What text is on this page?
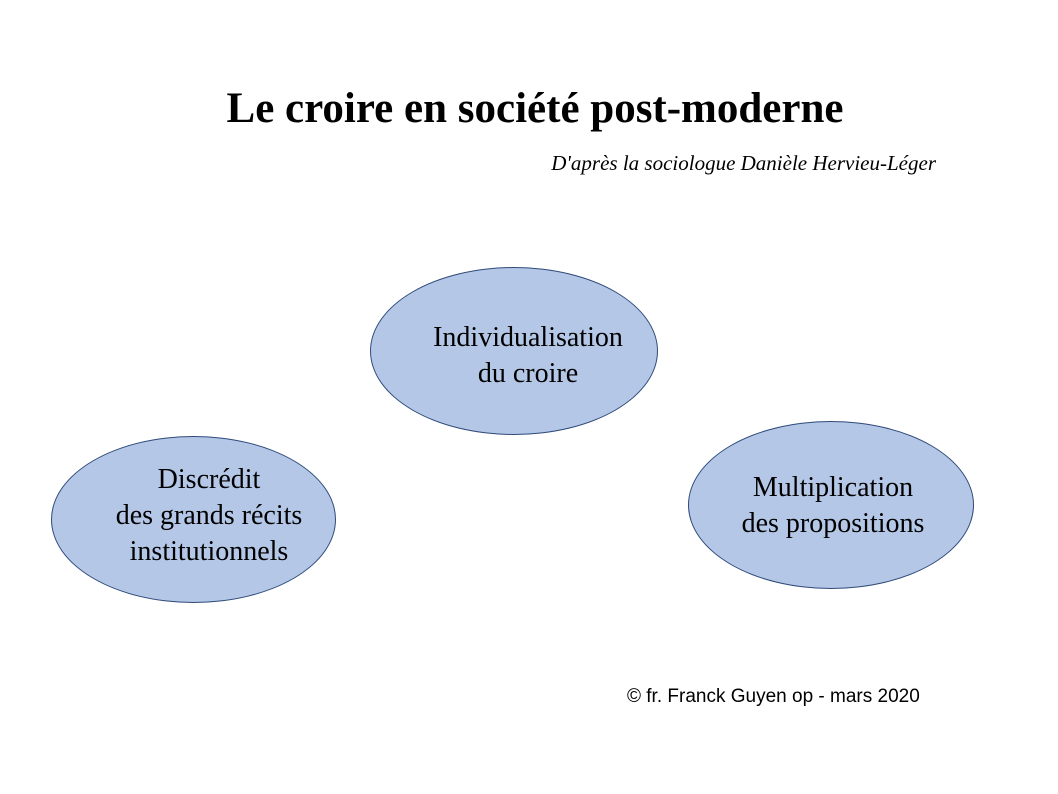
Le croire en société post-moderne
D'après la sociologue Danièle Hervieu-Léger
Individualisation
du croire
Discrédit
des grands récits
institutionnels
Multiplication
des propositions
© fr. Franck Guyen op - mars 2020
